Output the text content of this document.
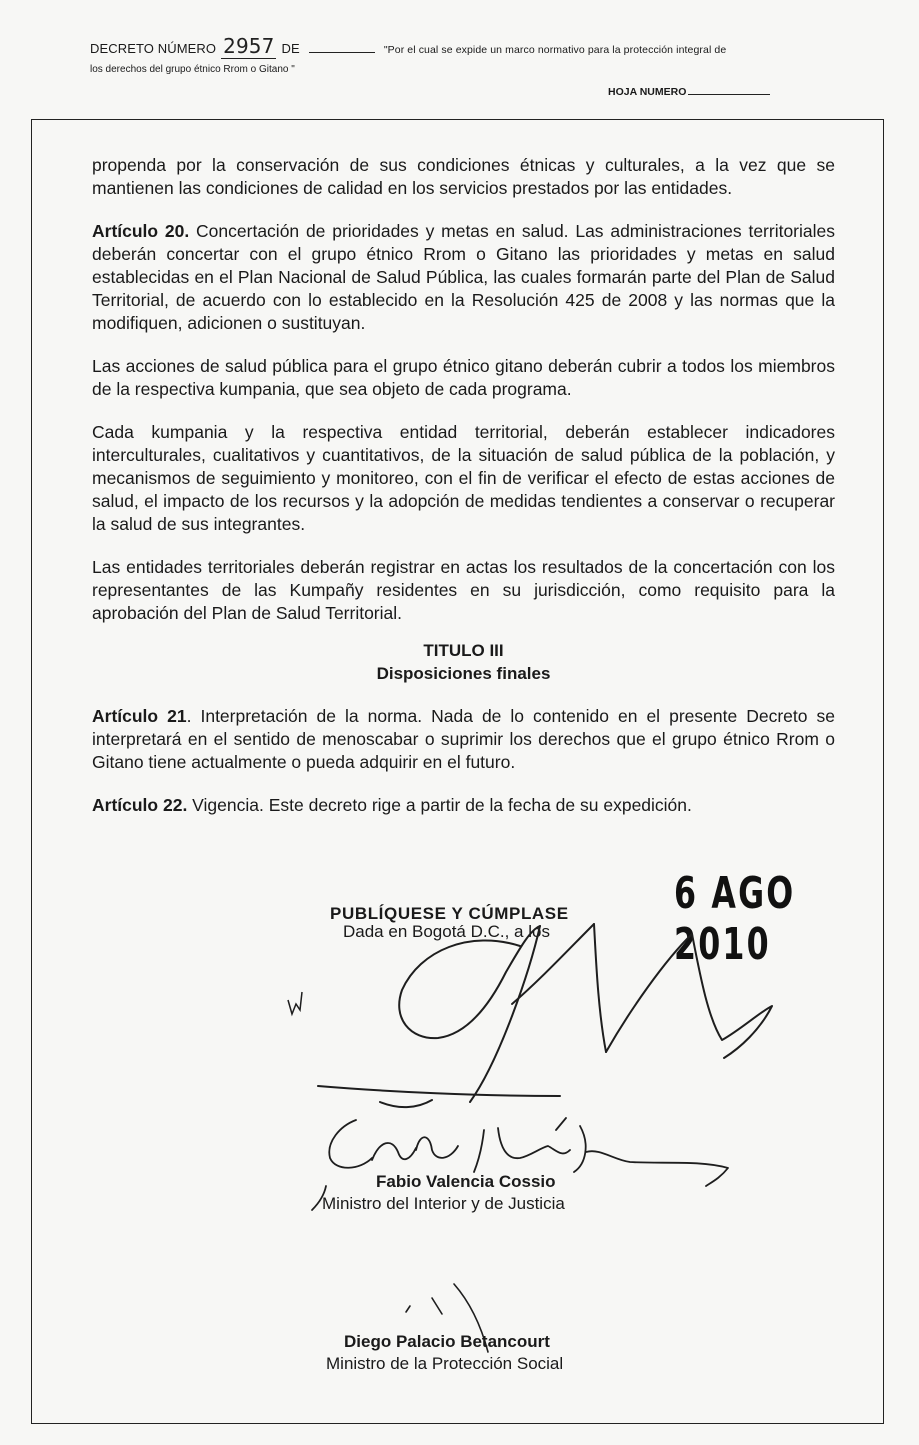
DECRETO NÚMERO 2957 DE	"Por el cual se expide un marco normativo para la protección integral de
los derechos del grupo étnico Rrom o Gitano "
HOJA NUMERO

propenda por la conservación de sus condiciones étnicas y culturales, a la vez que se mantienen las condiciones de calidad en los servicios prestados por las entidades.

Artículo 20. Concertación de prioridades y metas en salud. Las administraciones territoriales deberán concertar con el grupo étnico Rrom o Gitano las prioridades y metas en salud establecidas en el Plan Nacional de Salud Pública, las cuales formarán parte del Plan de Salud Territorial, de acuerdo con lo establecido en la Resolución 425 de 2008 y las normas que la modifiquen, adicionen o sustituyan.

Las acciones de salud pública para el grupo étnico gitano deberán cubrir a todos los miembros de la respectiva kumpania, que sea objeto de cada programa.

Cada kumpania y la respectiva entidad territorial, deberán establecer indicadores interculturales, cualitativos y cuantitativos, de la situación de salud pública de la población, y mecanismos de seguimiento y monitoreo, con el fin de verificar el efecto de estas acciones de salud, el impacto de los recursos y la adopción de medidas tendientes a conservar o recuperar la salud de sus integrantes.

Las entidades territoriales deberán registrar en actas los resultados de la concertación con los representantes de las Kumpañy residentes en su jurisdicción, como requisito para la aprobación del Plan de Salud Territorial.

TITULO III
Disposiciones finales

Artículo 21. Interpretación de la norma. Nada de lo contenido en el presente Decreto se interpretará en el sentido de menoscabar o suprimir los derechos que el grupo étnico Rrom o Gitano tiene actualmente o pueda adquirir en el futuro.

Artículo 22. Vigencia. Este decreto rige a partir de la fecha de su expedición.

PUBLÍQUESE Y CÚMPLASE
Dada en Bogotá D.C., a los
6 AGO 2010
Fabio Valencia Cossio
Ministro del Interior y de Justicia
Diego Palacio Betancourt
Ministro de la Protección Social
